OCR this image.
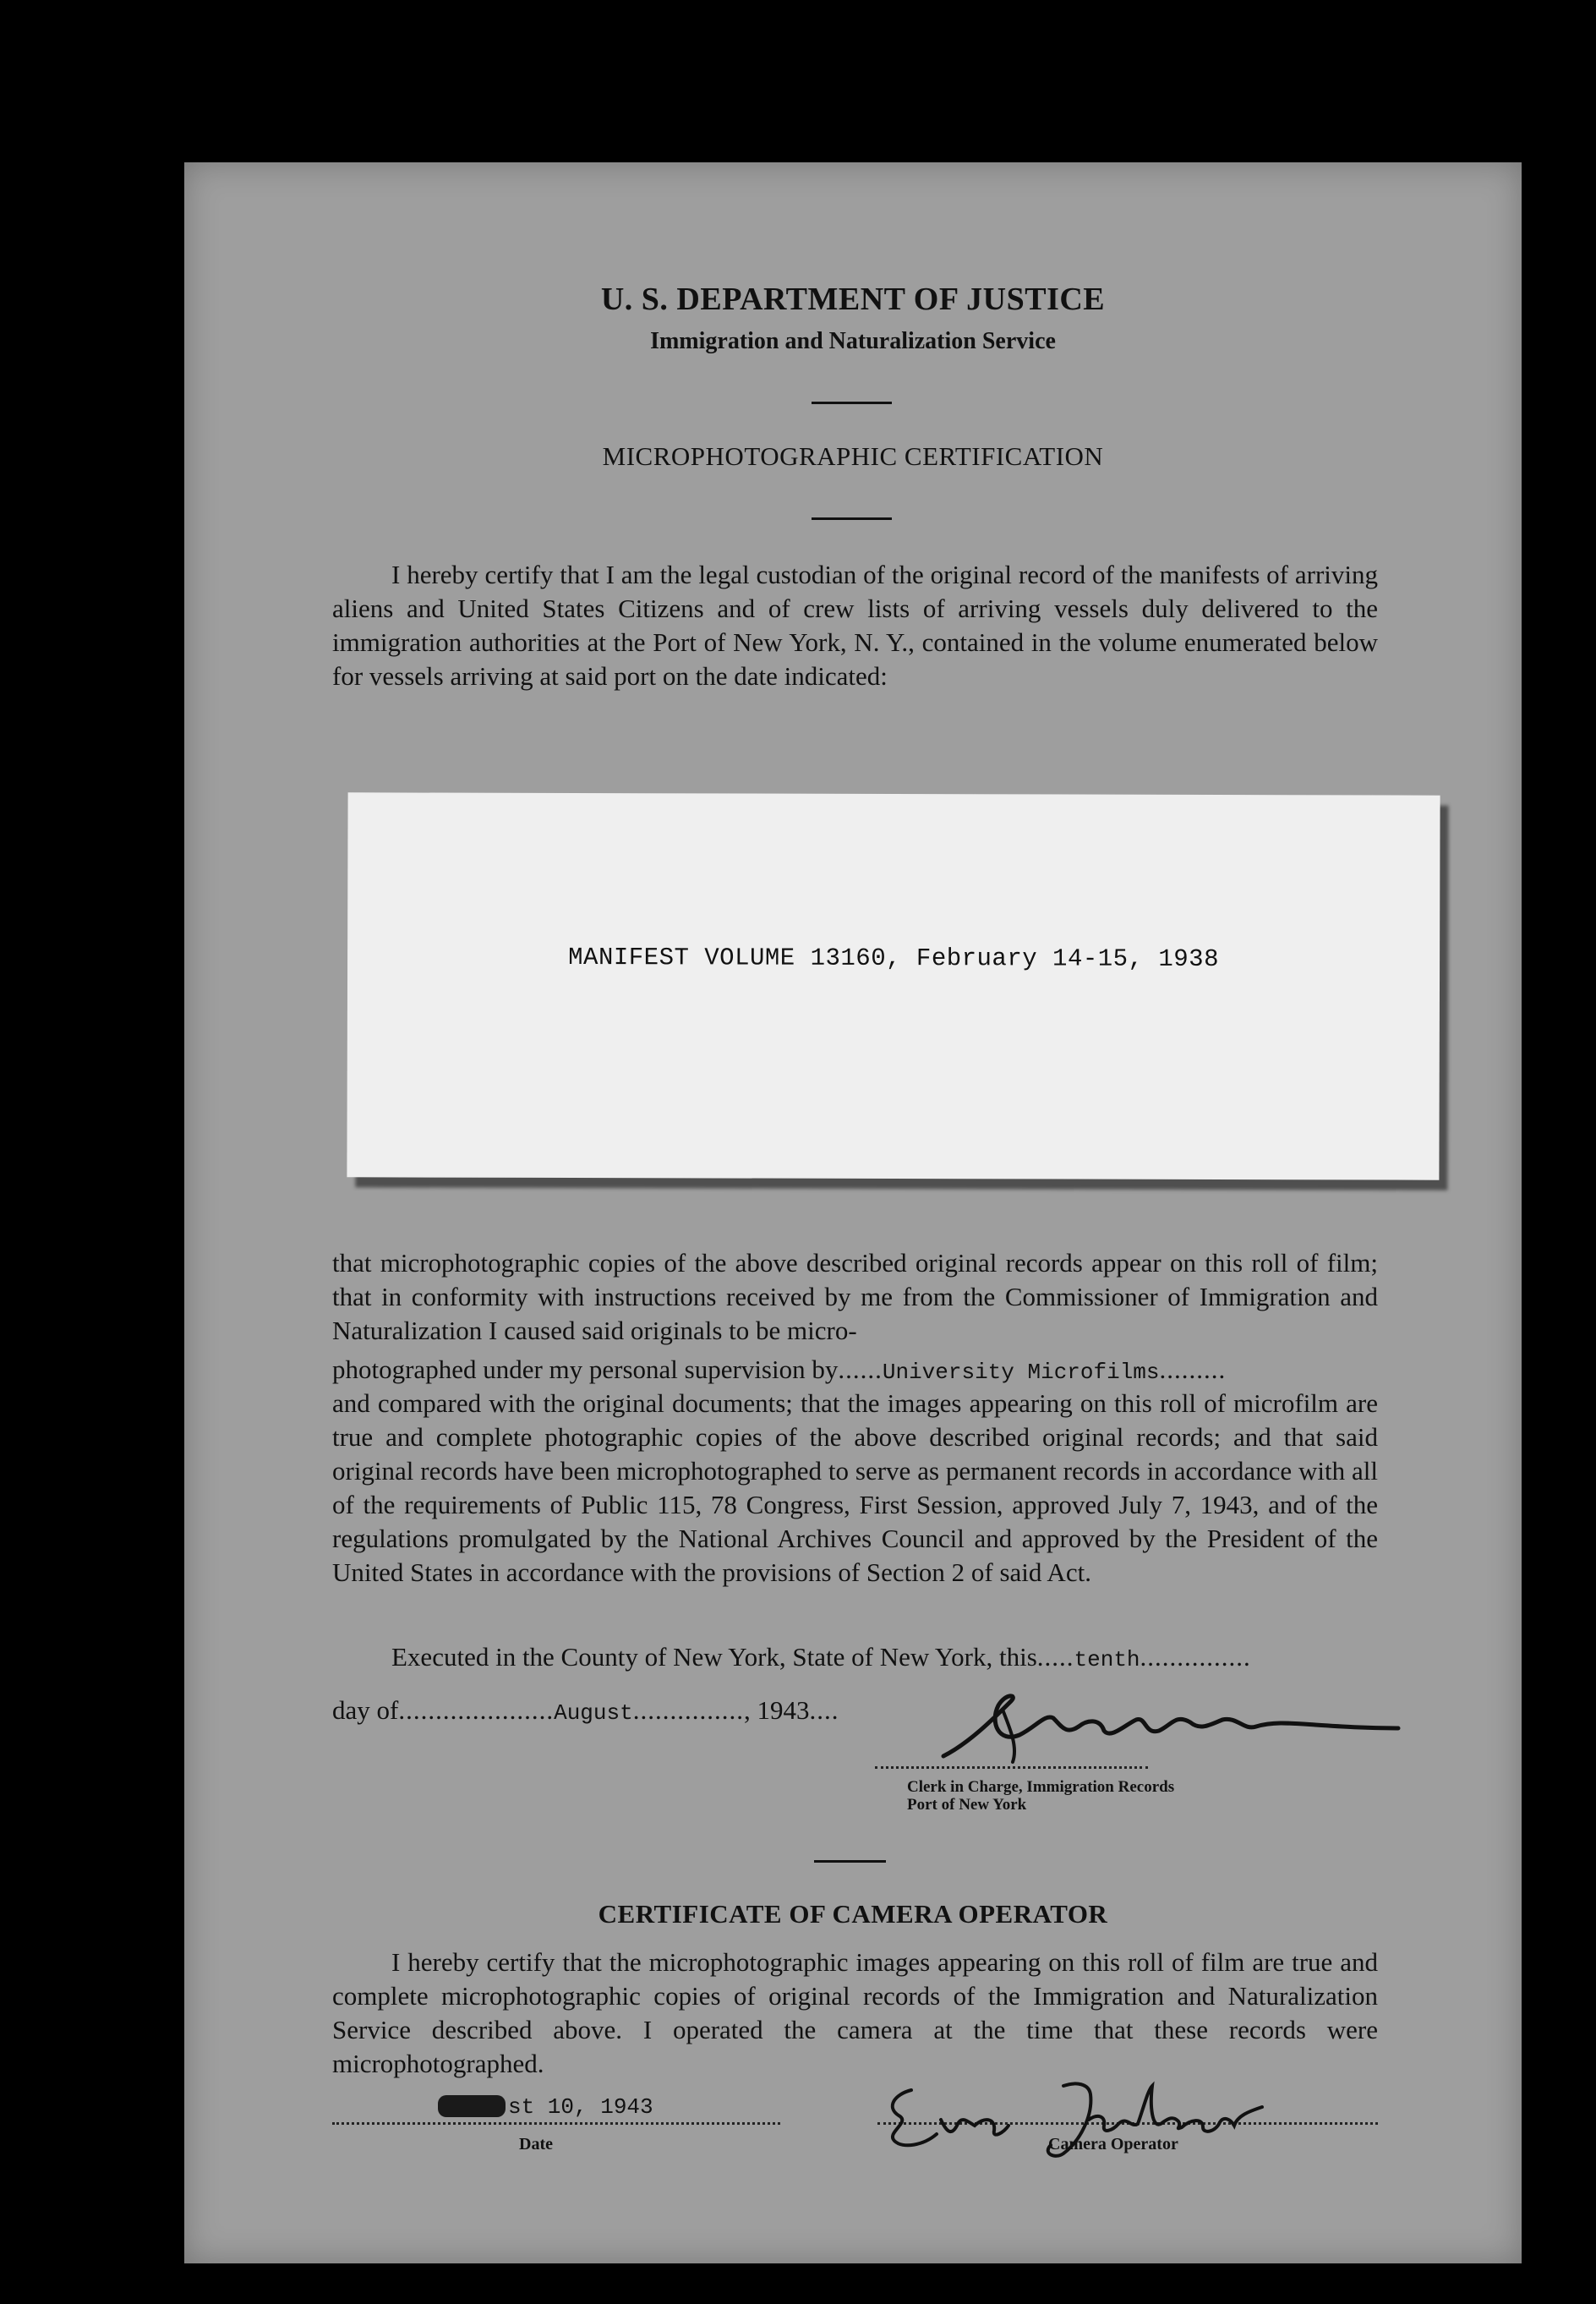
U. S. DEPARTMENT OF JUSTICE
Immigration and Naturalization Service
MICROPHOTOGRAPHIC CERTIFICATION
I hereby certify that I am the legal custodian of the original record of the manifests of arriving aliens and United States Citizens and of crew lists of arriving vessels duly delivered to the immigration authorities at the Port of New York, N. Y., contained in the volume enumerated below for vessels arriving at said port on the date indicated:
MANIFEST VOLUME 13160, February 14-15, 1938
that microphotographic copies of the above described original records appear on this roll of film; that in conformity with instructions received by me from the Commissioner of Immigration and Naturalization I caused said originals to be micro-
photographed under my personal supervision by......University Microfilms.........
and compared with the original documents; that the images appearing on this roll of microfilm are true and complete photographic copies of the above described original records; and that said original records have been microphotographed to serve as permanent records in accordance with all of the requirements of Public 115, 78 Congress, First Session, approved July 7, 1943, and of the regulations promulgated by the National Archives Council and approved by the President of the United States in accordance with the provisions of Section 2 of said Act.
Executed in the County of New York, State of New York, this.....tenth...............
day of.....................August..............., 1943....
Clerk in Charge, Immigration Records
Port of New York
CERTIFICATE OF CAMERA OPERATOR
I hereby certify that the microphotographic images appearing on this roll of film are true and complete microphotographic copies of original records of the Immigration and Naturalization Service described above. I operated the camera at the time that these records were microphotographed.
st 10, 1943
Date	Camera Operator
